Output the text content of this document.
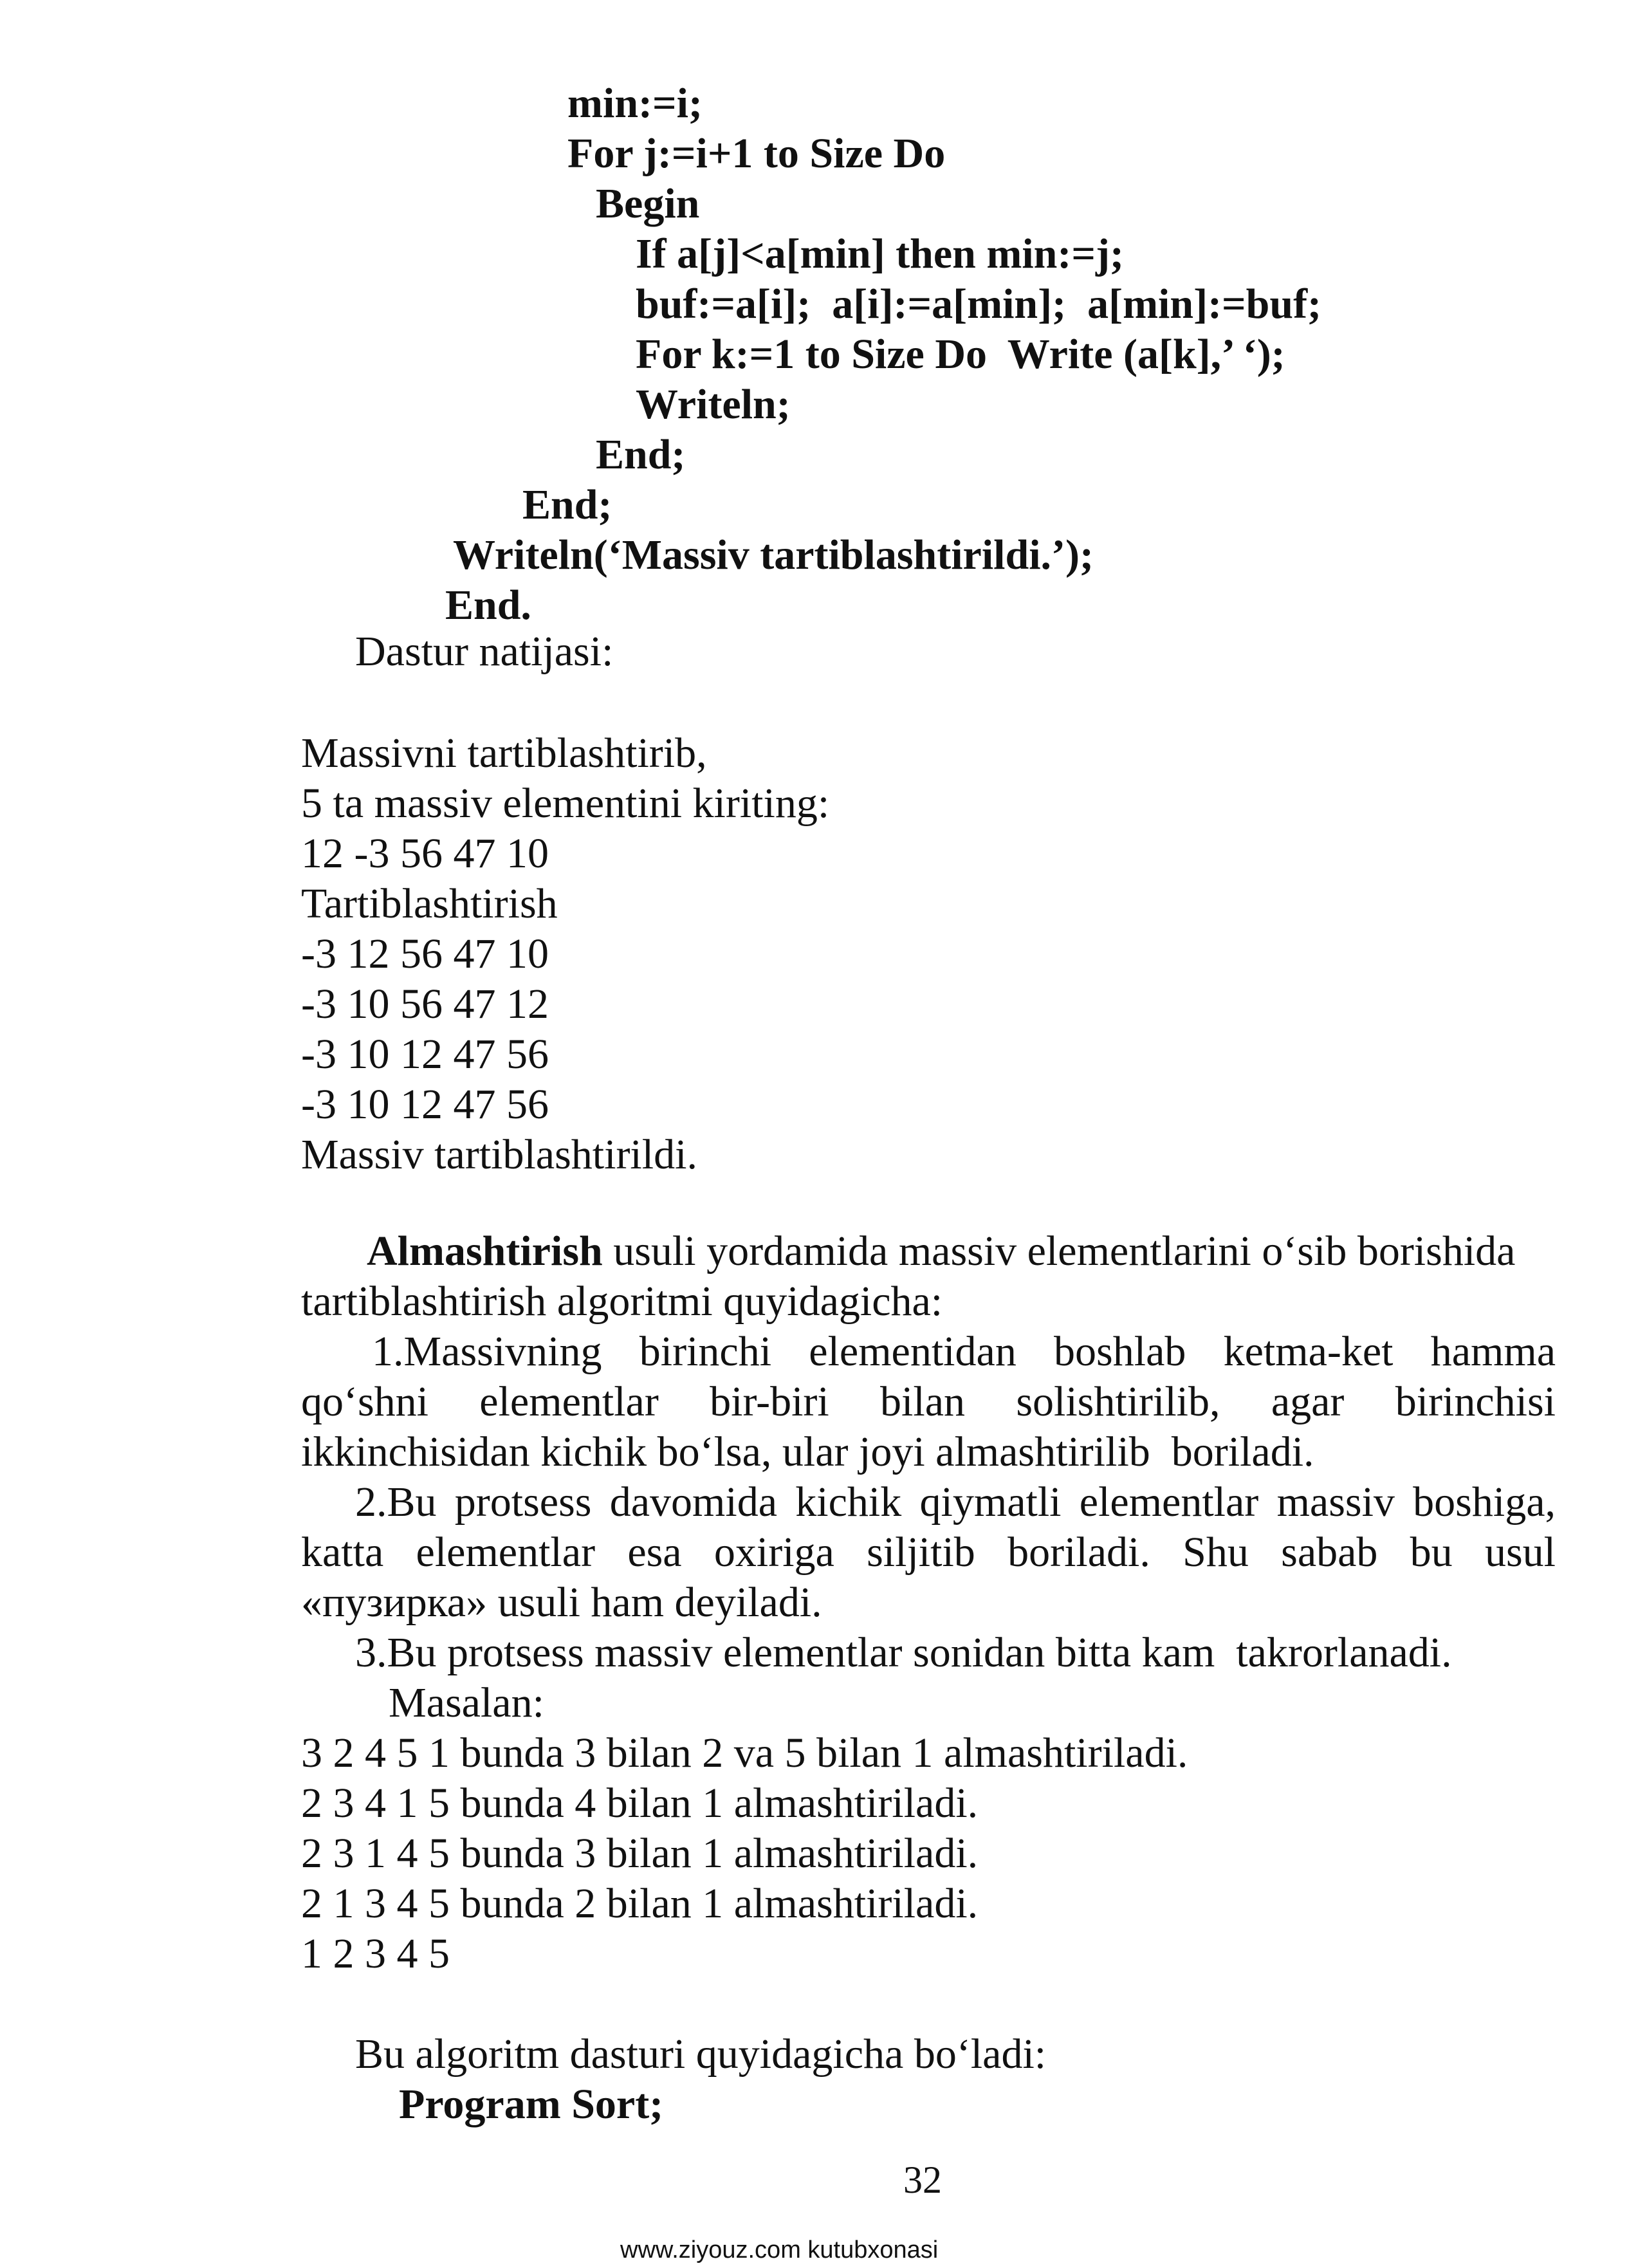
min:=i;
For j:=i+1 to Size Do
Begin
If a[j]<a[min] then min:=j;
buf:=a[i];  a[i]:=a[min];  a[min]:=buf;
For k:=1 to Size Do  Write (a[k],’ ‘);
Writeln;
End;
End;
Writeln(‘Massiv tartiblashtirildi.’);
End.
Dastur natijasi:
Massivni tartiblashtirib,
5 ta massiv elementini kiriting:
12 -3 56 47 10
Tartiblashtirish
-3 12 56 47 10
-3 10 56 47 12
-3 10 12 47 56
-3 10 12 47 56
Massiv tartiblashtirildi.
Almashtirish usuli yordamida massiv elementlarini o‘sib borishida
tartiblashtirish algoritmi quyidagicha:
1.Massivning birinchi elementidan boshlab ketma-ket hamma
qo‘shni elementlar bir-biri bilan solishtirilib, agar birinchisi
ikkinchisidan kichik bo‘lsa, ular joyi almashtirilib  boriladi.
2.Bu protsess davomida kichik qiymatli elementlar massiv boshiga,
katta elementlar esa oxiriga siljitib boriladi. Shu sabab bu usul
«пузирка» usuli ham deyiladi.
3.Bu protsess massiv elementlar sonidan bitta kam  takrorlanadi.
Masalan:
3 2 4 5 1 bunda 3 bilan 2 va 5 bilan 1 almashtiriladi.
2 3 4 1 5 bunda 4 bilan 1 almashtiriladi.
2 3 1 4 5 bunda 3 bilan 1 almashtiriladi.
2 1 3 4 5 bunda 2 bilan 1 almashtiriladi.
1 2 3 4 5
Bu algoritm dasturi quyidagicha bo‘ladi:
Program Sort;
32
www.ziyouz.com kutubxonasi
